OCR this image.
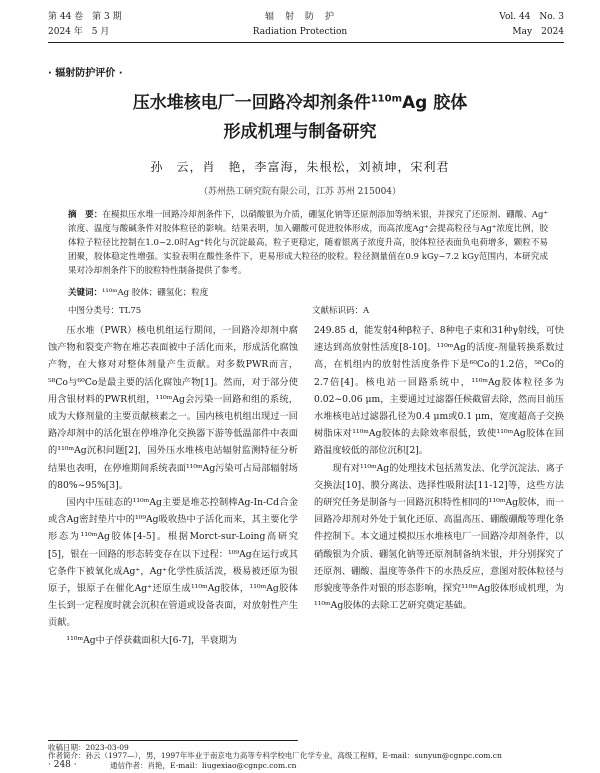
第 44 卷　第 3 期
2024 年　5 月
辐　射　防　护
Radiation Protection
Vol. 44　No. 3
May　2024
· 辐射防护评价 ·
压水堆核电厂一回路冷却剂条件$^{110m}$Ag 胶体
形成机理与制备研究
孙　云，肖　艳，李富海，朱根松，刘祯坤，宋利君
（苏州热工研究院有限公司，江苏 苏州 215004）
摘　要：在模拟压水堆一回路冷却剂条件下，以硝酸银为介质，硼氢化钠等还原剂添加等纳米银，并探究了还原剂、硼酸、Ag⁺浓度、温度与酸碱条件对胶体粒径的影响。结果表明，加入硼酸可促进胶体形成，而高浓度Ag⁺会提高粒径与Ag⁺浓度比例，胶体粒子粒径比控制在1.0~2.0时Ag⁺转化与沉淀最高，粒子更稳定，随着银离子浓度升高，胶体粒径表面负电荷增多，颗粒不易团聚，胶体稳定性增强。实验表明在酸性条件下，更易形成大粒径的胶粒。粒径测量值在0.9 kGy~7.2 kGy范围内，本研究成果对冷却剂条件下的胶粒特性制备提供了参考。
关键词：¹¹⁰ᵐAg 胶体；硼氢化；粒度
中图分类号：TL75	文献标识码：A

压水堆（PWR）核电机组运行期间，一回路冷却剂中腐蚀产物和裂变产物在堆芯表面被中子活化而来，形成活化腐蚀产物，在大修对对整体剂量产生贡献。对多数PWR而言，⁵⁸Co与⁶⁰Co是最主要的活化腐蚀产物[1]。然而，对于部分使用含银材料的PWR机组，¹¹⁰ᵐAg会污染一回路和组的系统，成为大修剂量的主要贡献核素之一。国内核电机组出现过一回路冷却剂中的活化银在停堆净化交换器下游等低温部件中表面的¹¹⁰ᵐAg沉积问题[2]，国外压水堆核电站辐射监测特征分析结果也表明，在停堆期间系统表面¹¹⁰ᵐAg污染可占局部辐射场的80%~95%[3]。

国内中压硅态的¹¹⁰ᵐAg主要是堆芯控制棒Ag-In-Cd合金或含Ag密封垫片中的¹⁰⁹Ag吸收热中子活化而来，其主要化学形态为¹¹⁰ᵐAg胶体[4-5]。根据Morct-sur-Loing高研究[5]，银在一回路的形态转变存在以下过程：¹⁰⁹Ag在运行或其它条件下被氧化成Ag⁺，Ag⁺化学性质活泼，极易被还原为银原子，银原子在催化Ag⁺还原生成¹¹⁰ᵐAg胶体，¹¹⁰ᵐAg胶体生长到一定程度时就会沉积在管道或设备表面，对放射性产生贡献。

¹¹⁰ᵐAg中子俘获截面积大[6-7]，半衰期为

249.85 d，能发射4种β粒子、8种电子束和31种γ射线，可快速达到高放射性活度[8-10]。¹¹⁰ᵐAg的活度-剂量转换系数过高，在机组内的放射性活度条件下是⁶⁰Co的1.2倍，⁵⁸Co的2.7倍[4]。核电站一回路系统中，¹¹⁰ᵐAg胶体粒径多为0.02~0.06 μm，主要通过过滤器任候截留去除，然而目前压水堆核电站过滤器孔径为0.4 μm或0.1 μm，宽度超高子交换树脂床对¹¹⁰ᵐAg胶体的去除效率很低，致使¹¹⁰ᵐAg胶体在回路温度较低的部位沉积[2]。

现有对¹¹⁰ᵐAg的处理技术包括蒸发法、化学沉淀法、离子交换法[10]、膜分离法、选择性吸附法[11-12]等，这些方法的研究任务是制备与一回路沉积特性相同的¹¹⁰ᵐAg胶体，而一回路冷却剂对外处于氧化还原、高温高压、硼酸硼酸等理化条件控制下。本文通过模拟压水堆核电厂一回路冷却剂条件，以硝酸银为介质、硼氢化钠等还原剂制备纳米银，并分别探究了还原剂、硼酸、温度等条件下的水热反应，意图对胶体粒径与形貌度等条件对银的形态影响，探究¹¹⁰ᵐAg胶体形成机理，为¹¹⁰ᵐAg胶体的去除工艺研究奠定基础。

收稿日期：2023-03-09
作者简介：孙云（1977—），男，1997年毕业于南京电力高等专科学校电厂化学专业，高级工程师，E-mail：sunyun@cgnpc.com.cn
通信作者：肖艳，E-mail：liugexiao@cgnpc.com.cn
· 248 ·
